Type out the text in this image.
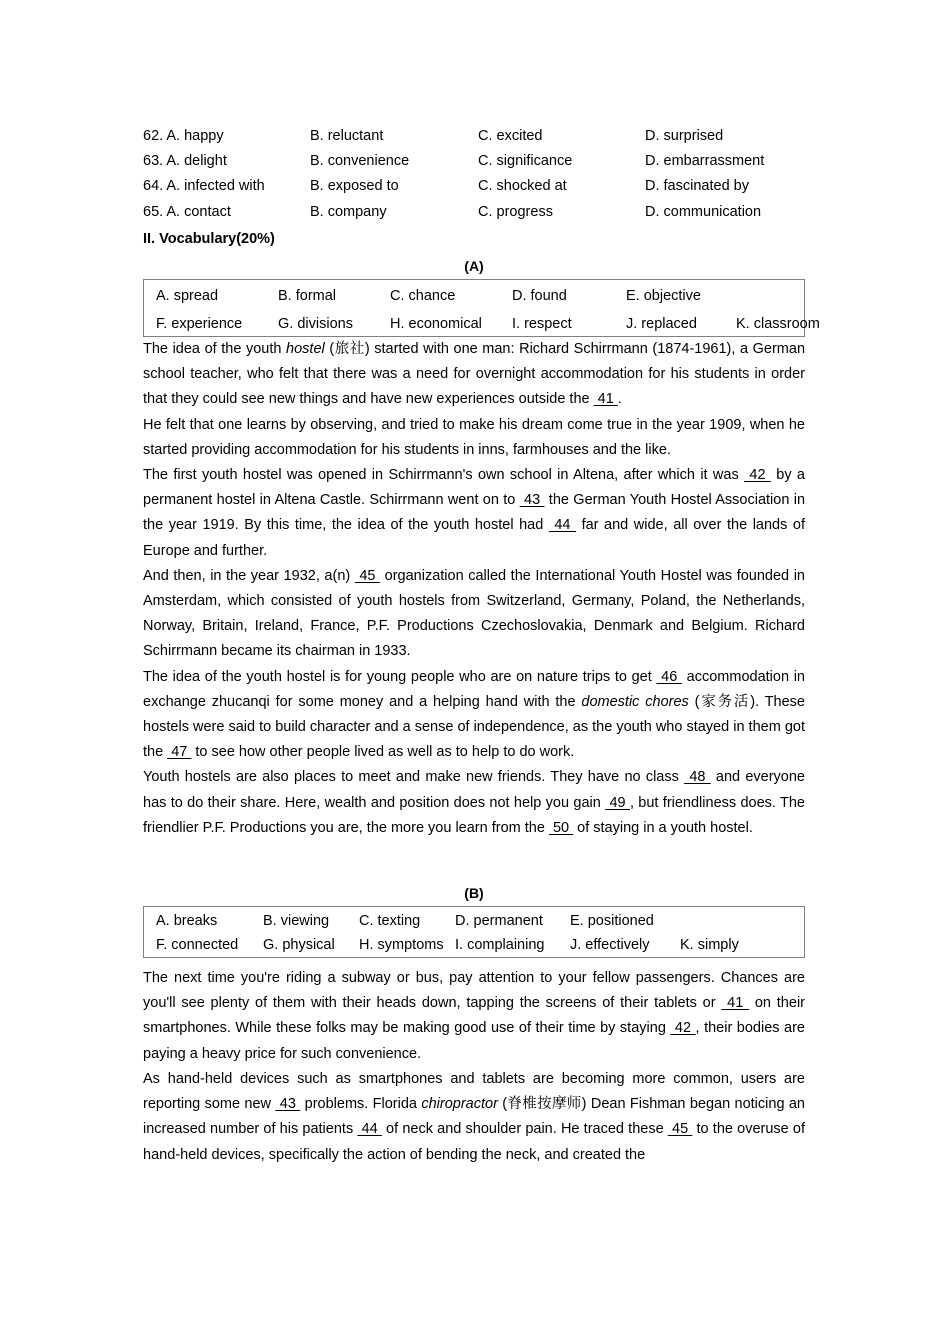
62. A. happy	B. reluctant	C. excited	D. surprised
63. A. delight	B. convenience	C. significance	D. embarrassment
64. A. infected with	B. exposed to	C. shocked at	D. fascinated by
65. A. contact	B. company	C. progress	D. communication
II. Vocabulary(20%)
(A)
A. spread	B. formal	C. chance	D. found	E. objective
F. experience	G. divisions	H. economical	I. respect	J. replaced	K. classroom
The idea of the youth hostel (旅社) started with one man: Richard Schirrmann (1874-1961), a German school teacher, who felt that there was a need for overnight accommodation for his students in order that they could see new things and have new experiences outside the  41 .
He felt that one learns by observing, and tried to make his dream come true in the year 1909, when he started providing accommodation for his students in inns, farmhouses and the like.
The first youth hostel was opened in Schirrmann's own school in Altena, after which it was  42  by a permanent hostel in Altena Castle. Schirrmann went on to  43  the German Youth Hostel Association in the year 1919. By this time, the idea of the youth hostel had  44  far and wide, all over the lands of Europe and further.
And then, in the year 1932, a(n)  45  organization called the International Youth Hostel was founded in Amsterdam, which consisted of youth hostels from Switzerland, Germany, Poland, the Netherlands, Norway, Britain, Ireland, France, P.F. Productions Czechoslovakia, Denmark and Belgium. Richard Schirrmann became its chairman in 1933.
The idea of the youth hostel is for young people who are on nature trips to get  46  accommodation in exchange zhucanqi for some money and a helping hand with the domestic chores (家务活). These hostels were said to build character and a sense of independence, as the youth who stayed in them got the  47  to see how other people lived as well as to help to do work.
Youth hostels are also places to meet and make new friends. They have no class  48  and everyone has to do their share. Here, wealth and position does not help you gain  49 , but friendliness does. The friendlier P.F. Productions you are, the more you learn from the  50  of staying in a youth hostel.
(B)
A. breaks	B. viewing	C. texting	D. permanent	E. positioned
F. connected	G. physical	H. symptoms I. complaining	J. effectively	K. simply
The next time you're riding a subway or bus, pay attention to your fellow passengers. Chances are you'll see plenty of them with their heads down, tapping the screens of their tablets or  41  on their smartphones. While these folks may be making good use of their time by staying  42 , their bodies are paying a heavy price for such convenience.
As hand-held devices such as smartphones and tablets are becoming more common, users are reporting some new  43  problems. Florida chiropractor (脊椎按摩师) Dean Fishman began noticing an increased number of his patients  44  of neck and shoulder pain. He traced these  45  to the overuse of hand-held devices, specifically the action of bending the neck, and created the
